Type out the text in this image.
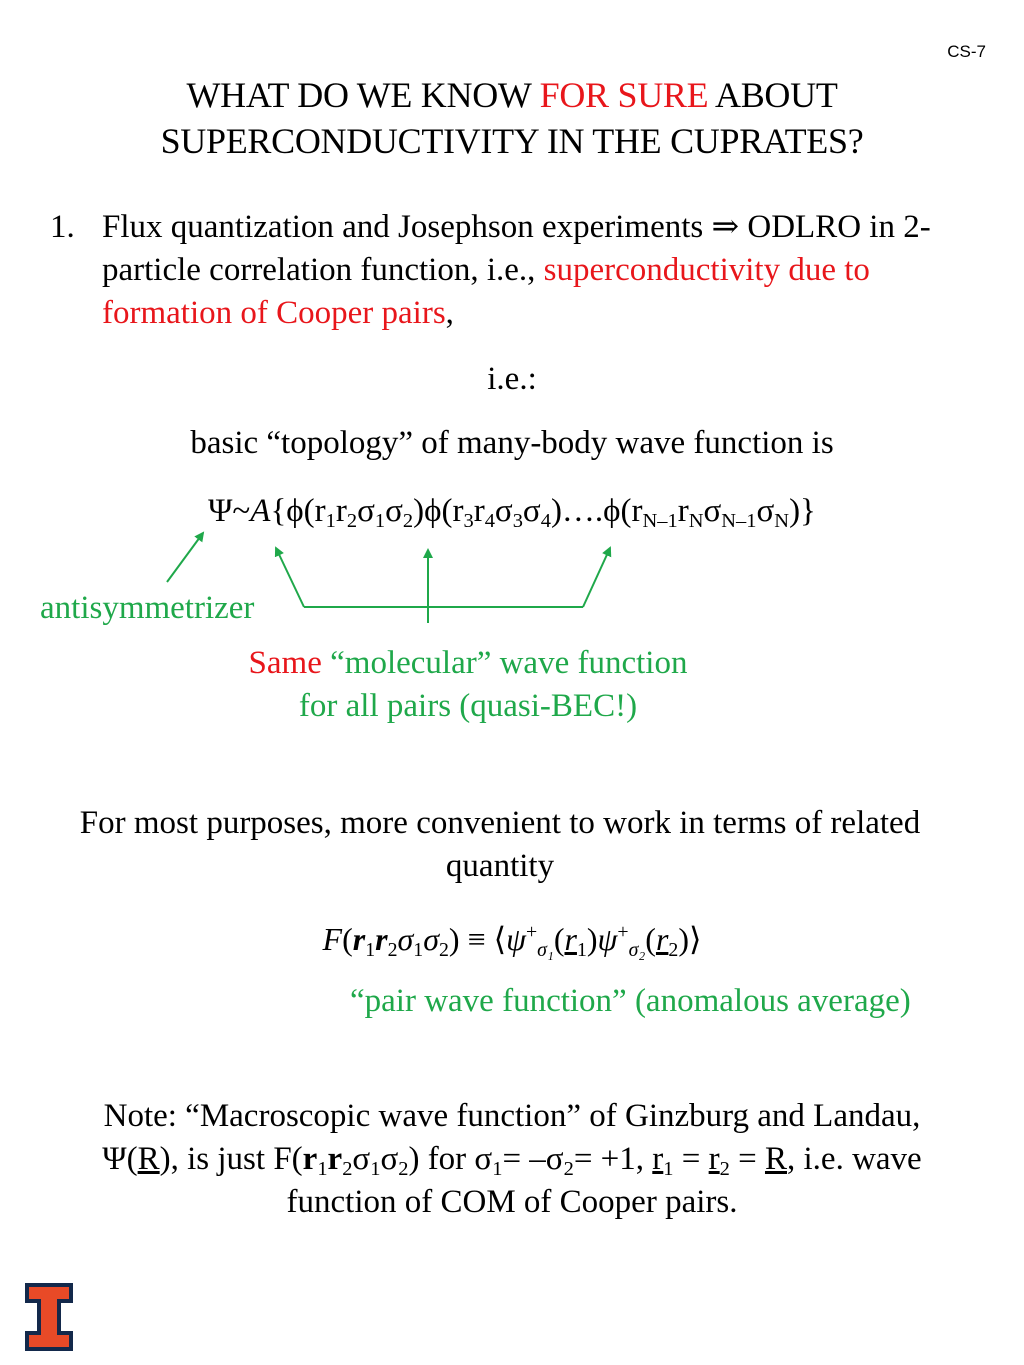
CS-7
WHAT DO WE KNOW FOR SURE ABOUT
SUPERCONDUCTIVITY IN THE CUPRATES?
1. Flux quantization and Josephson experiments ⇒ ODLRO in 2-particle correlation function, i.e., superconductivity due to formation of Cooper pairs,
i.e.:
basic “topology” of many-body wave function is
$\Psi\sim A\{\phi(r_1r_2\sigma_1\sigma_2)\phi(r_3r_4\sigma_3\sigma_4)\dots.\phi(r_{N-1}r_N\sigma_{N-1}\sigma_N)\}$
antisymmetrizer
Same “molecular” wave function
for all pairs (quasi-BEC!)
For most purposes, more convenient to work in terms of related
quantity
$F(r_1r_2\sigma_1\sigma_2)$ ≡ $⟨\psi^+_{\sigma_1}(r_1)\psi^+_{\sigma_2}(r_2)⟩$
“pair wave function” (anomalous average)
Note: “Macroscopic wave function” of Ginzburg and Landau,
Ψ(R), is just $F(r_1r_2\sigma_1\sigma_2)$ for $\sigma_1= -\sigma_2= +1$, $r_1 = r_2 = R$, i.e. wave
function of COM of Cooper pairs.
